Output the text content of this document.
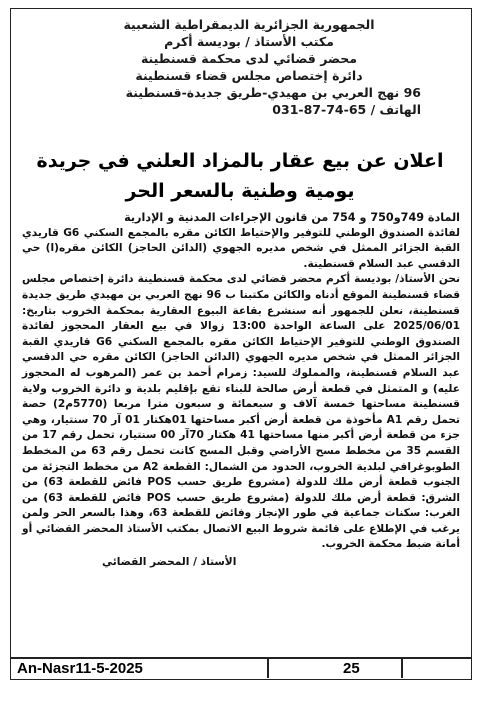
الجمهورية الجزائرية الديمقراطية الشعبية
مكتب الأستاذ / بوديسة أكرم
محضر قضائي لدى محكمة قسنطينة
دائرة إختصاص مجلس قضاء قسنطينة
96 نهج العربي بن مهيدي-طريق جديدة-قسنطينة
الهاتف / 65-74-87-031
اعلان عن بيع عقار بالمزاد العلني في جريدة يومية وطنية بالسعر الحر

المادة 749و750 و 754 من قانون الإجراءات المدنية و الإدارية

لفائدة الصندوق الوطني للتوفير والإحتياط الكائن مقره بالمجمع السكني G6 قاريدي القبة الجزائر الممثل في شخص مديره الجهوي (الدائن الحاجز) الكائن مقره(ا) حي الدقسي عبد السلام قسنطينة.

نحن الأستاذ/ بوديسة أكرم محضر قضائي لدى محكمة قسنطينة دائرة إختصاص مجلس قضاء قسنطينة الموقع أدناه والكائن مكتبنا ب 96 نهج العربي بن مهيدي طريق جديدة قسنطينة، نعلن للجمهور أنه سنشرع بقاعة البيوع العقارية بمحكمة الخروب بتاريخ: 2025/06/01 على الساعة الواحدة 13:00 زوالا في بيع العقار المحجوز لفائدة الصندوق الوطني للتوفير الإحتياط الكائن مقره بالمجمع السكني G6 قاريدي القبة الجزائر الممثل في شخص مديره الجهوي (الدائن الحاجز) الكائن مقره حي الدقسي عبد السلام قسنطينة، والمملوك للسيد: زمرام أحمد بن عمر (المرهوب له المحجوز عليه) و المتمثل في قطعة أرض صالحة للبناء تقع بإقليم بلدية و دائرة الخروب ولاية قسنطينة مساحتها خمسة آلاف و سبعمائة و سبعون مترا مربعا (5770م2) حصة تحمل رقم A1 مأخوذة من قطعة أرض أكبر مساحتها 01هكتار 01 آر 70 سنتيار، وهي جزء من قطعة أرض أكبر منها مساحتها 41 هكتار 70آر 00 سنتيار، تحمل رقم 17 من القسم 35 من مخطط مسح الأراضي وقبل المسح كانت تحمل رقم 63 من المخطط الطوبوغرافي لبلدية الخروب، الحدود من الشمال: القطعة A2 من مخطط التجزئة من الجنوب قطعة أرض ملك للدولة (مشروع طريق حسب POS فائض للقطعة 63) من الشرق: قطعة أرض ملك للدولة (مشروع طريق حسب POS فائض للقطعة 63) من الغرب: سكنات جماعية في طور الإنجاز وفائض للقطعة 63، وهذا بالسعر الحر ولمن يرغب في الإطلاع على قائمة شروط البيع الاتصال بمكتب الأستاذ المحضر القضائي أو أمانة ضبط محكمة الخروب.

الأستاذ / المحضر القضائي
An-Nasr11-5-2025	25
